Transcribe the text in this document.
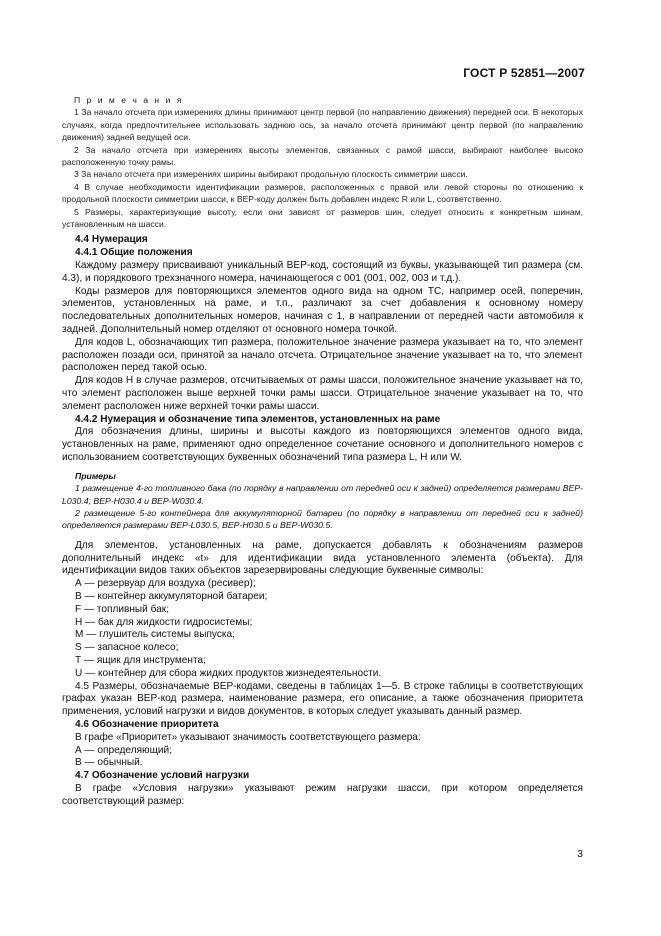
ГОСТ Р 52851—2007
П р и м е ч а н и я

1 За начало отсчета при измерениях длины принимают центр первой (по направлению движения) передней оси. В некоторых случаях, когда предпочтительнее использовать заднюю ось, за начало отсчета принимают центр первой (по направлению движения) задней ведущей оси.

2 За начало отсчета при измерениях высоты элементов, связанных с рамой шасси, выбирают наиболее высоко расположенную точку рамы.

3 За начало отсчета при измерениях ширины выбирают продольную плоскость симметрии шасси.

4 В случае необходимости идентификации размеров, расположенных с правой или левой стороны по отношению к продольной плоскости симметрии шасси, к ВЕР-коду должен быть добавлен индекс R или L, соответственно.

5 Размеры, характеризующие высоту, если они зависят от размеров шин, следует относить к конкретным шинам, установленным на шасси.

4.4 Нумерация
4.4.1 Общие положения

Каждому размеру присваивают уникальный ВЕР-код, состоящий из буквы, указывающей тип размера (см. 4.3), и порядкового трехзначного номера, начинающегося с 001 (001, 002, 003 и т.д.).

Коды размеров для повторяющихся элементов одного вида на одном ТС, например осей, поперечин, элементов, установленных на раме, и т.п., различают за счет добавления к основному номеру последовательных дополнительных номеров, начиная с 1, в направлении от передней части автомобиля к задней. Дополнительный номер отделяют от основного номера точкой.

Для кодов L, обозначающих тип размера, положительное значение размера указывает на то, что элемент расположен позади оси, принятой за начало отсчета. Отрицательное значение указывает на то, что элемент расположен перед такой осью.

Для кодов Н в случае размеров, отсчитываемых от рамы шасси, положительное значение указывает на то, что элемент расположен выше верхней точки рамы шасси. Отрицательное значение указывает на то, что элемент расположен ниже верхней точки рамы шасси.

4.4.2 Нумерация и обозначение типа элементов, установленных на раме

Для обозначения длины, ширины и высоты каждого из повторяющихся элементов одного вида, установленных на раме, применяют одно определенное сочетание основного и дополнительного номеров с использованием соответствующих буквенных обозначений типа размера L, Н или W.

Примеры

1 размещение 4-го топливного бака (по порядку в направлении от передней оси к задней) определяется размерами ВЕР-L030.4, ВЕР-Н030.4 и ВЕР-W030.4.

2 размещение 5-го контейнера для аккумуляторной батареи (по порядку в направлении от передней оси к задней) определяется размерами ВЕР-L030.5, ВЕР-Н030.5 и ВЕР-W030.5.

Для элементов, установленных на раме, допускается добавлять к обозначениям размеров дополнительный индекс «t» для идентификации вида установленного элемента (объекта). Для идентификации видов таких объектов зарезервированы следующие буквенные символы:

А — резервуар для воздуха (ресивер);
В — контейнер аккумуляторной батареи;
F — топливный бак;
Н — бак для жидкости гидросистемы;
М — глушитель системы выпуска;
S — запасное колесо;
Т — ящик для инструмента;
U — контейнер для сбора жидких продуктов жизнедеятельности.

4.5 Размеры, обозначаемые ВЕР-кодами, сведены в таблицах 1—5. В строке таблицы в соответствующих графах указан ВЕР-код размера, наименование размера, его описание, а также обозначения приоритета применения, условий нагрузки и видов документов, в которых следует указывать данный размер.

4.6 Обозначение приоритета

В графе «Приоритет» указывают значимость соответствующего размера:

А — определяющий;
В — обычный.
4.7 Обозначение условий нагрузки

В графе «Условия нагрузки» указывают режим нагрузки шасси, при котором определяется соответствующий размер:

3
